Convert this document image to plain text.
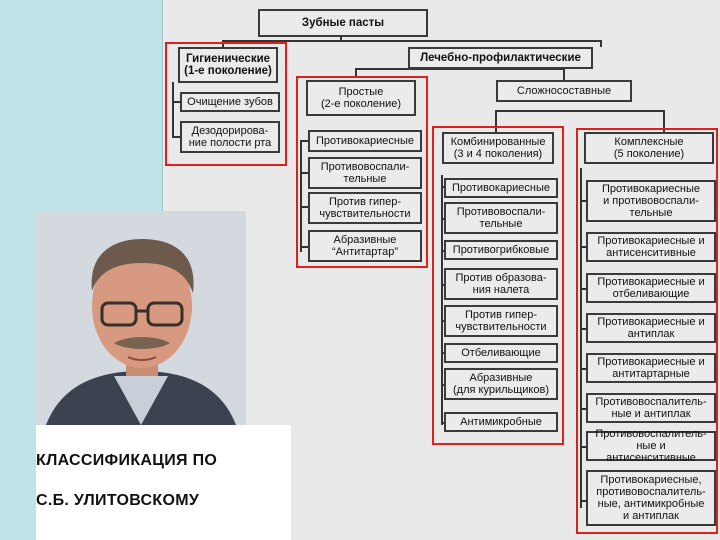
Зубные пасты
Гигиенические
(1-е поколение)
Очищение зубов
Дезодорирова-
ние полости рта
Лечебно-профилактические
Простые
(2-е поколение)
Противокариесные
Противовоспали-
тельные
Против гипер-
чувствительности
Абразивные
“Антитартар”
Сложносоставные
Комбинированные
(3 и 4 поколения)
Противокариесные
Противовоспали-
тельные
Противогрибковые
Против образова-
ния налета
Против гипер-
чувствительности
Отбеливающие
Абразивные
(для курильщиков)
Антимикробные
Комплексные
(5 поколение)
Противокариесные
и противовоспали-
тельные
Противокариесные и
антисенситивные
Противокариесные и
отбеливающие
Противокариесные и
антиплак
Противокариесные и
антитартарные
Противовоспалитель-
ные и антиплак
Противовоспалитель-
ные и антисенситивные
Противокариесные,
противовоспалитель-
ные, антимикробные
и антиплак
КЛАССИФИКАЦИЯ ПО
С.Б. УЛИТОВСКОМУ
